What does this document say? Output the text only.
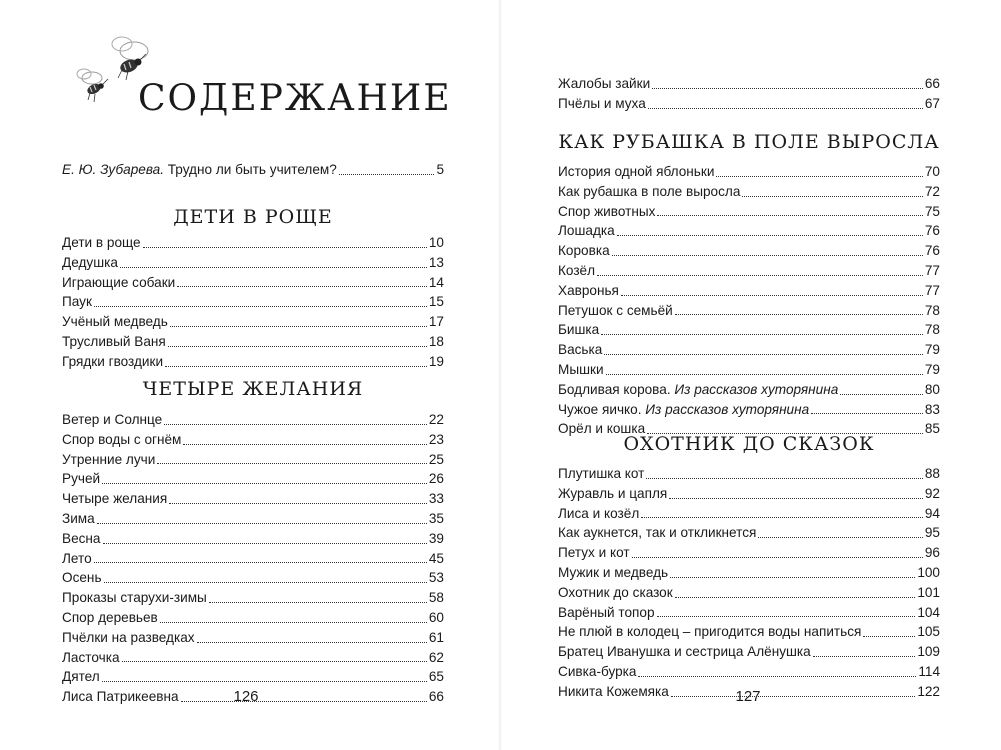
СОДЕРЖАНИЕ
Е. Ю. Зубарева. Трудно ли быть учителем?	5
ДЕТИ В РОЩЕ
Дети в роще	10
Дедушка	13
Играющие собаки	14
Паук	15
Учёный медведь	17
Трусливый Ваня	18
Грядки гвоздики	19
ЧЕТЫРЕ ЖЕЛАНИЯ
Ветер и Солнце	22
Спор воды с огнём	23
Утренние лучи	25
Ручей	26
Четыре желания	33
Зима	35
Весна	39
Лето	45
Осень	53
Проказы старухи-зимы	58
Спор деревьев	60
Пчёлки на разведках	61
Ласточка	62
Дятел	65
Лиса Патрикеевна	66
126
Жалобы зайки	66
Пчёлы и муха	67
КАК РУБАШКА В ПОЛЕ ВЫРОСЛА
История одной яблоньки	70
Как рубашка в поле выросла	72
Спор животных	75
Лошадка	76
Коровка	76
Козёл	77
Хавронья	77
Петушок с семьёй	78
Бишка	78
Васька	79
Мышки	79
Бодливая корова. Из рассказов хуторянина	80
Чужое яичко. Из рассказов хуторянина	83
Орёл и кошка	85
ОХОТНИК ДО СКАЗОК
Плутишка кот	88
Журавль и цапля	92
Лиса и козёл	94
Как аукнется, так и откликнется	95
Петух и кот	96
Мужик и медведь	100
Охотник до сказок	101
Варёный топор	104
Не плюй в колодец – пригодится воды напиться	105
Братец Иванушка и сестрица Алёнушка	109
Сивка-бурка	114
Никита Кожемяка	122
127
